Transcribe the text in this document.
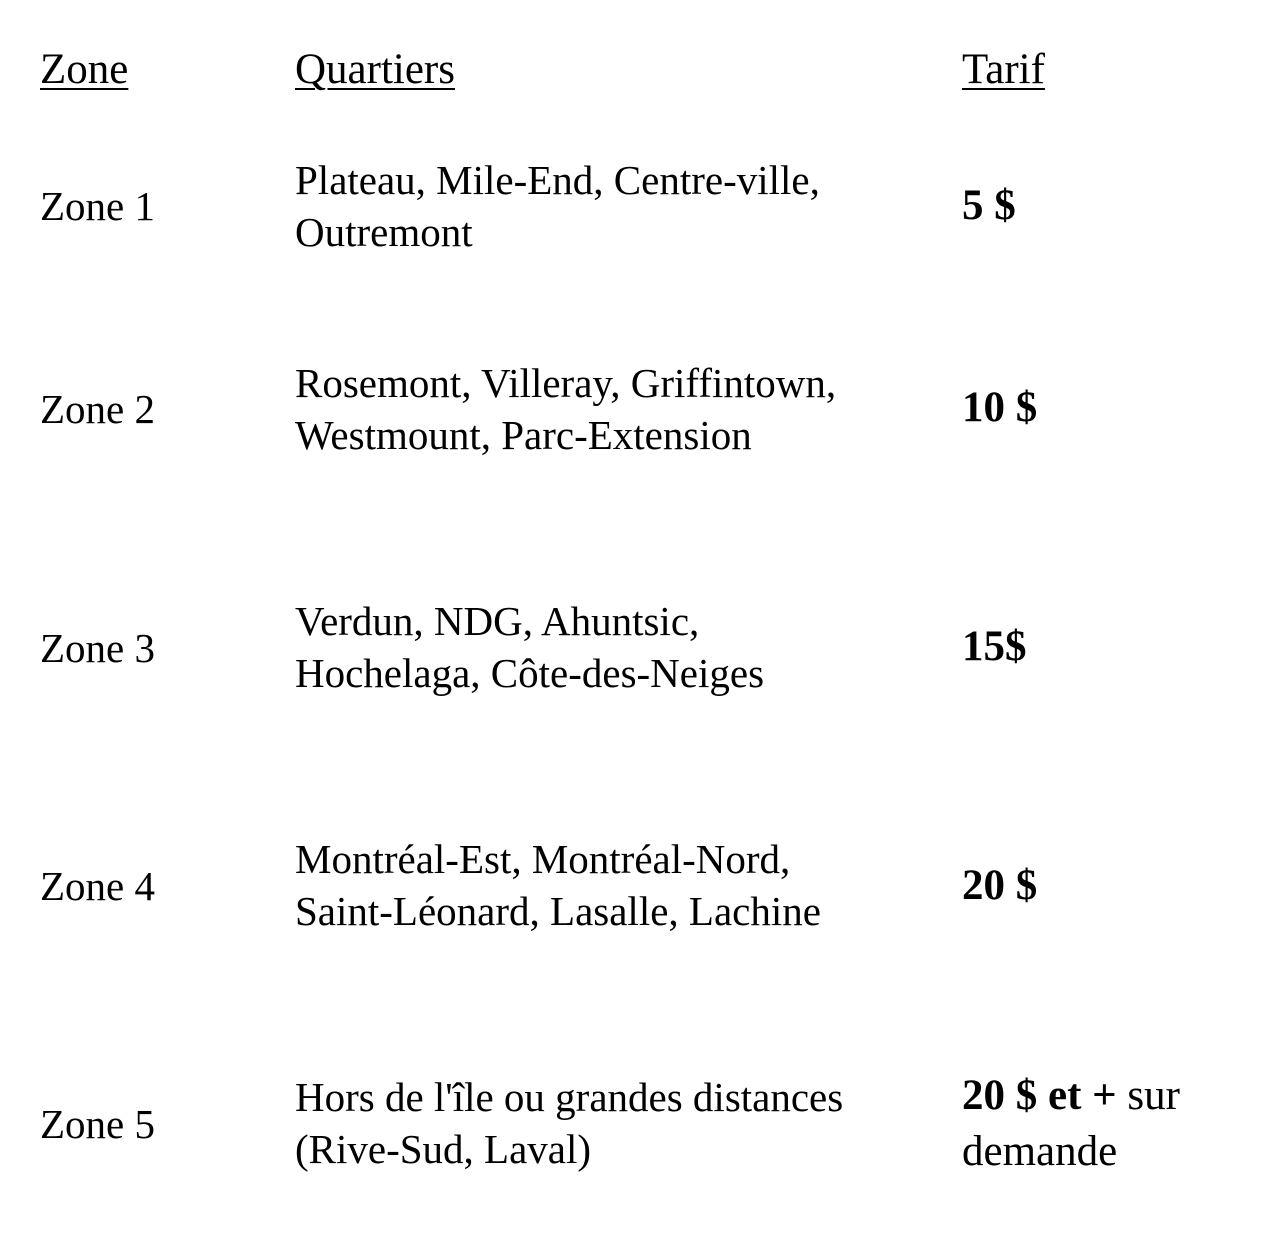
Zone	Quartiers	Tarif
Zone 1
Plateau, Mile-End, Centre-ville,
Outremont
5 $
Zone 2
Rosemont, Villeray, Griffintown,
Westmount, Parc-Extension
10 $
Zone 3
Verdun, NDG, Ahuntsic,
Hochelaga, Côte-des-Neiges
15$
Zone 4
Montréal-Est, Montréal-Nord,
Saint-Léonard, Lasalle, Lachine
20 $
Zone 5
Hors de l'île ou grandes distances
(Rive-Sud, Laval)
20 $ et + sur demande
